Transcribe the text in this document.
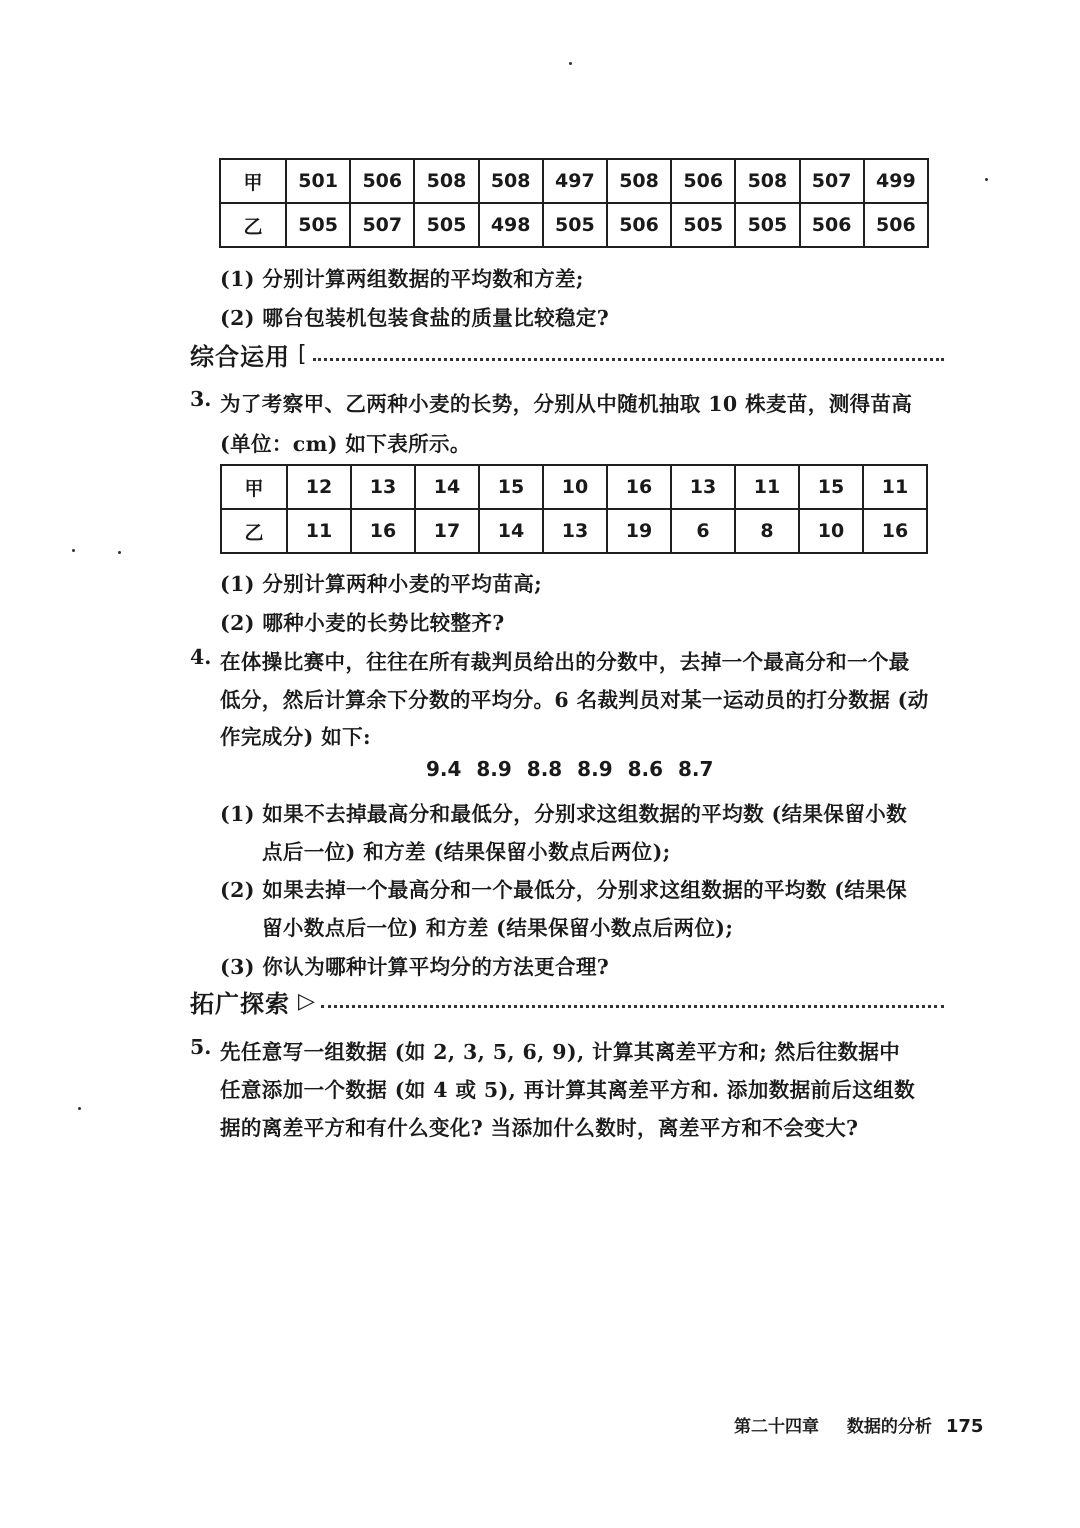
甲	501	506	508	508	497	508	506	508	507	499
乙	505	507	505	498	505	506	505	505	506	506
(1) 分别计算两组数据的平均数和方差;
(2) 哪台包装机包装食盐的质量比较稳定?
综合运用 [
3. 为了考察甲、乙两种小麦的长势，分别从中随机抽取 10 株麦苗，测得苗高
(单位：cm) 如下表所示。
甲	12	13	14	15	10	16	13	11	15	11
乙	11	16	17	14	13	19	6	8	10	16
(1) 分别计算两种小麦的平均苗高;
(2) 哪种小麦的长势比较整齐?
4. 在体操比赛中，往往在所有裁判员给出的分数中，去掉一个最高分和一个最
低分，然后计算余下分数的平均分。6 名裁判员对某一运动员的打分数据 (动
作完成分) 如下:
9.4 8.9 8.8 8.9 8.6 8.7
(1) 如果不去掉最高分和最低分，分别求这组数据的平均数 (结果保留小数
点后一位) 和方差 (结果保留小数点后两位);
(2) 如果去掉一个最高分和一个最低分，分别求这组数据的平均数 (结果保
留小数点后一位) 和方差 (结果保留小数点后两位);
(3) 你认为哪种计算平均分的方法更合理?
拓广探索 ▷
5. 先任意写一组数据 (如 2, 3, 5, 6, 9), 计算其离差平方和; 然后往数据中
任意添加一个数据 (如 4 或 5), 再计算其离差平方和. 添加数据前后这组数
据的离差平方和有什么变化? 当添加什么数时，离差平方和不会变大?
第二十四章 数据的分析 175
